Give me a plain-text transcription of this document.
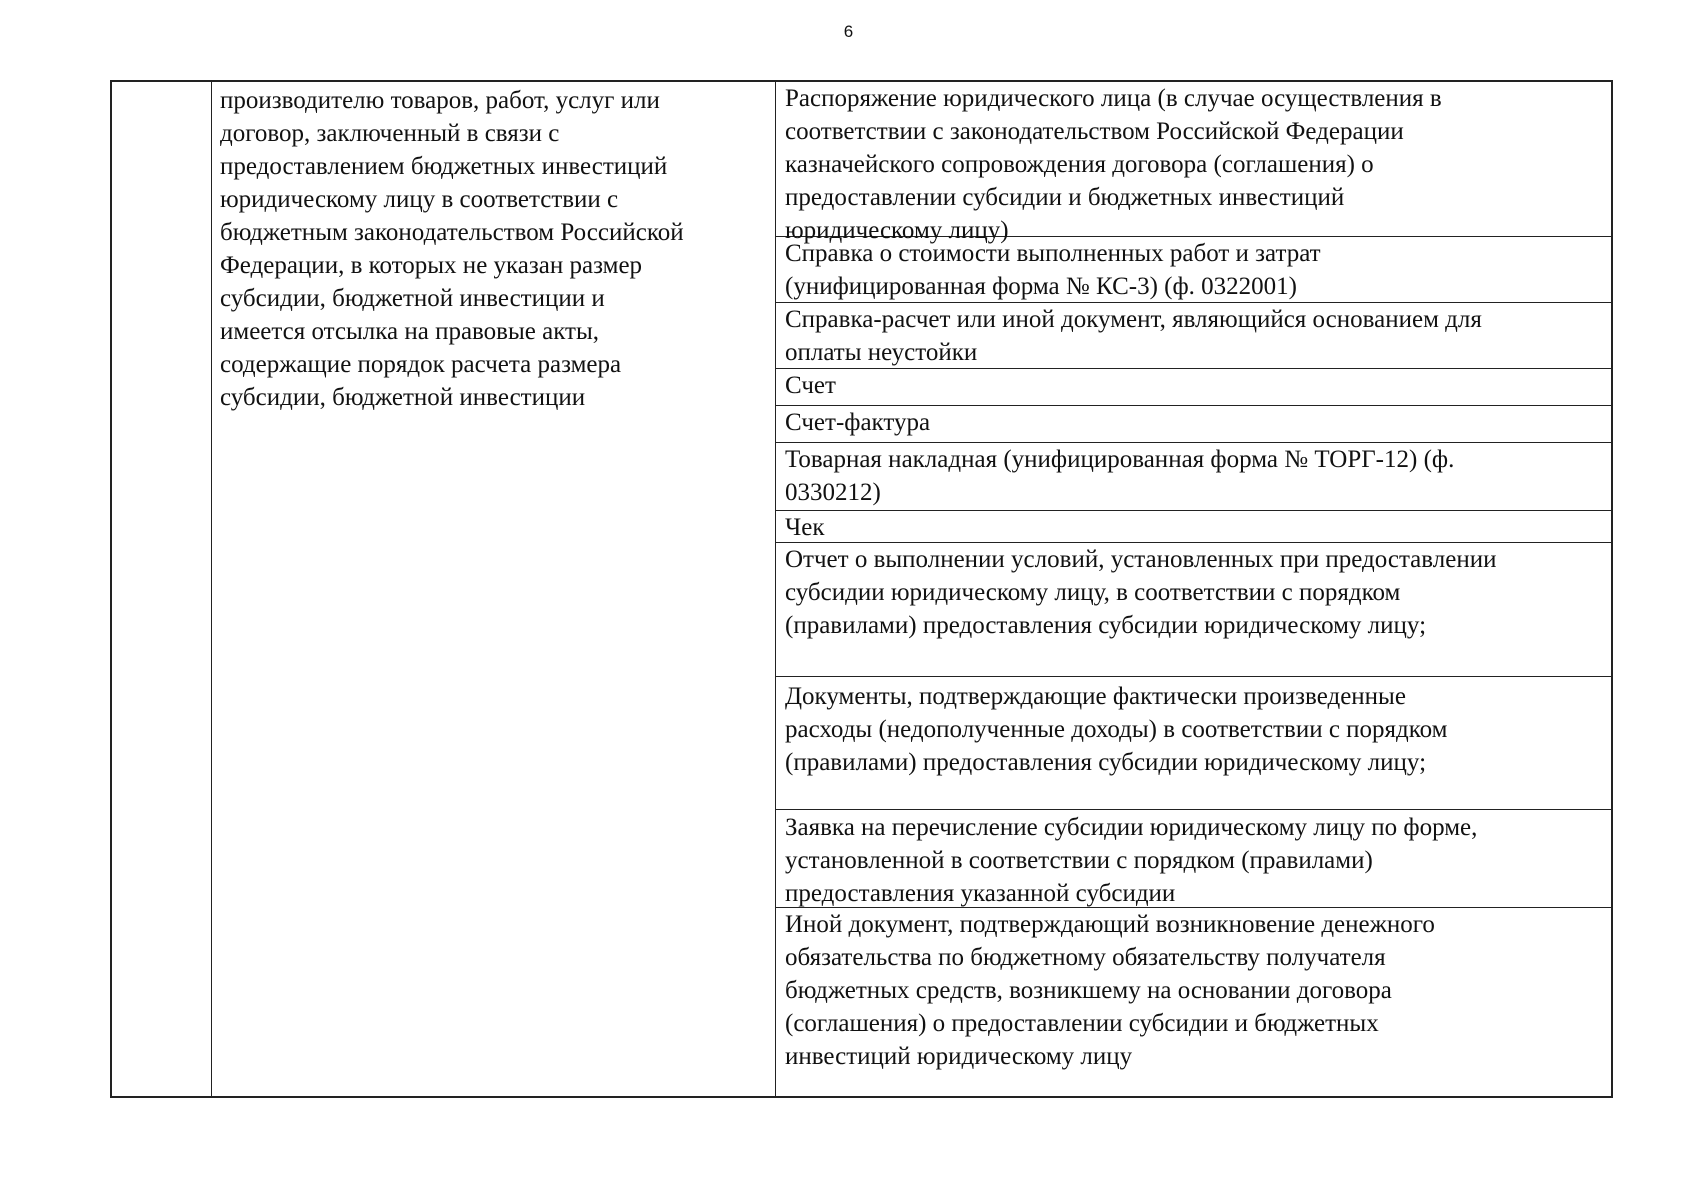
6
производителю товаров, работ, услуг или
договор, заключенный в связи с
предоставлением бюджетных инвестиций
юридическому лицу в соответствии с
бюджетным законодательством Российской
Федерации, в которых не указан размер
субсидии, бюджетной инвестиции и
имеется отсылка на правовые акты,
содержащие порядок расчета размера
субсидии, бюджетной инвестиции
Распоряжение юридического лица (в случае осуществления в
соответствии с законодательством Российской Федерации
казначейского сопровождения договора (соглашения) о
предоставлении субсидии и бюджетных инвестиций
юридическому лицу)
Справка о стоимости выполненных работ и затрат
(унифицированная форма № КС-3) (ф. 0322001)
Справка-расчет или иной документ, являющийся основанием для
оплаты неустойки
Счет
Счет-фактура
Товарная накладная (унифицированная форма № ТОРГ-12) (ф.
0330212)
Чек
Отчет о выполнении условий, установленных при предоставлении
субсидии юридическому лицу, в соответствии с порядком
(правилами) предоставления субсидии юридическому лицу;
Документы, подтверждающие фактически произведенные
расходы (недополученные доходы) в соответствии с порядком
(правилами) предоставления субсидии юридическому лицу;
Заявка на перечисление субсидии юридическому лицу по форме,
установленной в соответствии с порядком (правилами)
предоставления указанной субсидии
Иной документ, подтверждающий возникновение денежного
обязательства по бюджетному обязательству получателя
бюджетных средств, возникшему на основании договора
(соглашения) о предоставлении субсидии и бюджетных
инвестиций юридическому лицу
